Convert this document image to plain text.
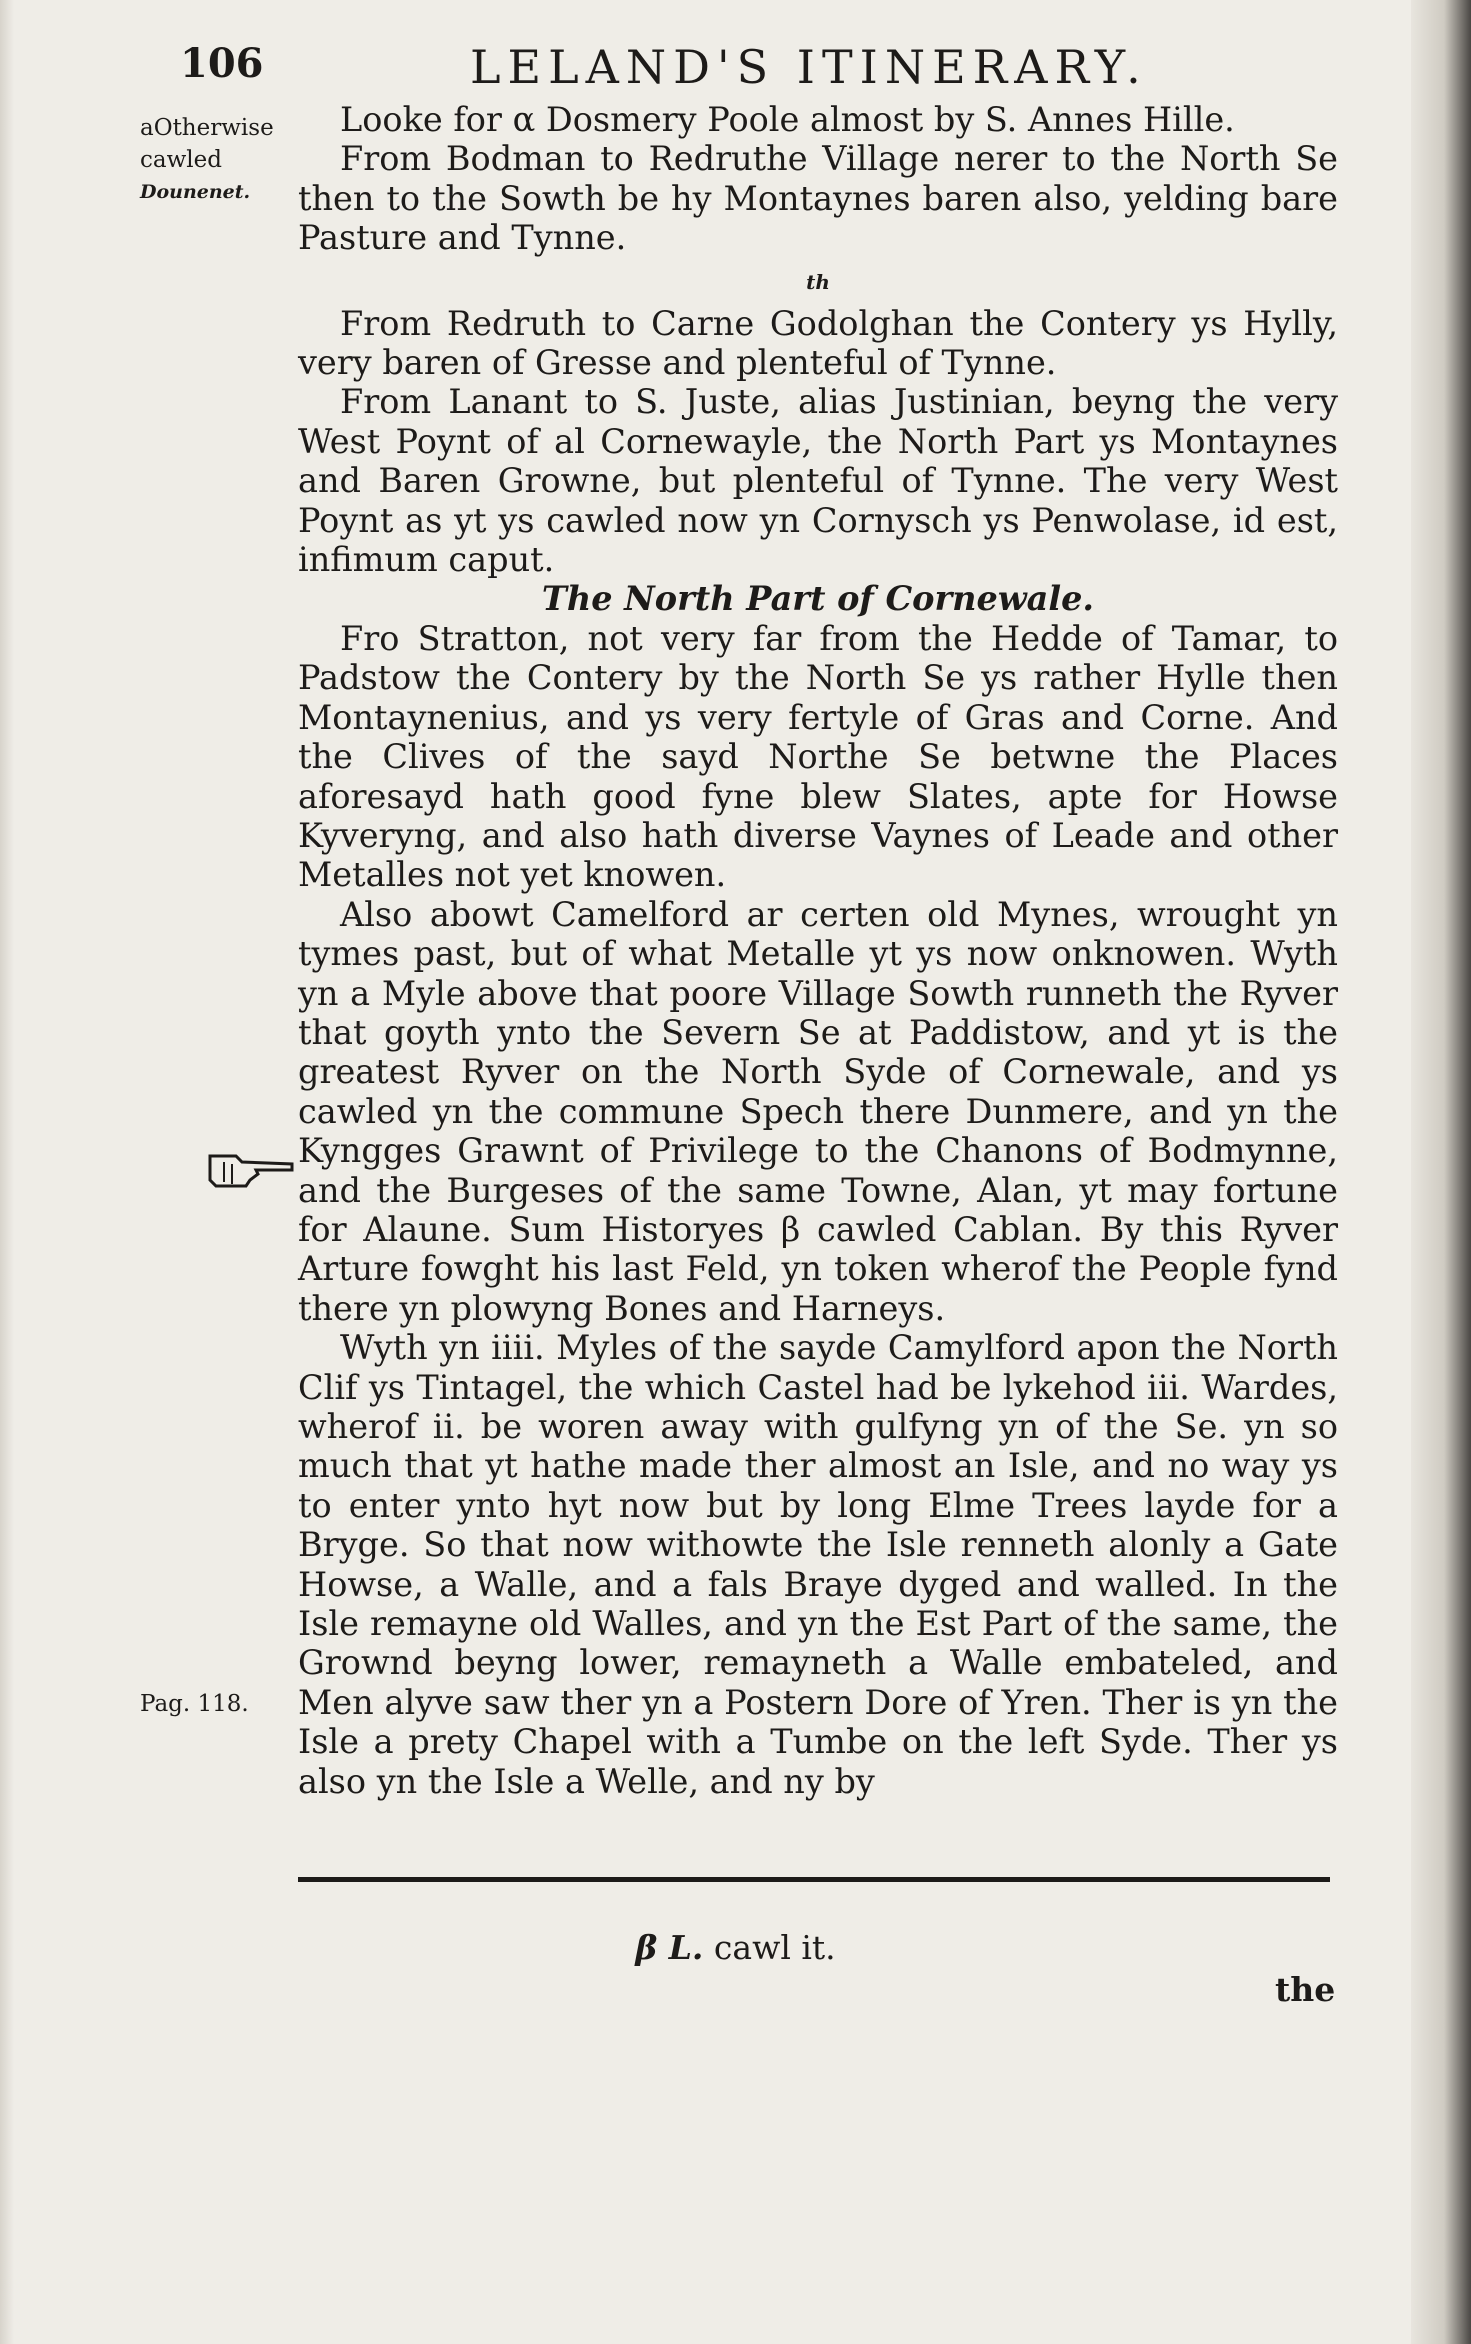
106	LELAND'S ITINERARY.
aOtherwise
cawled
Dounenet.
Pag. 118.

Looke for α Dosmery Poole almost by S. Annes Hille.

From Bodman to Redruthe Village nerer to the North Se then to the Sowth be hy Montaynes baren also, yelding bare Pasture and Tynne.

th

From Redruth to Carne Godolghan the Contery ys Hylly, very baren of Gresse and plenteful of Tynne.

From Lanant to S. Juste, alias Justinian, beyng the very West Poynt of al Cornewayle, the North Part ys Montaynes and Baren Growne, but plenteful of Tynne. The very West Poynt as yt ys cawled now yn Cornysch ys Penwolase, id est, infimum caput.

The North Part of Cornewale.

Fro Stratton, not very far from the Hedde of Tamar, to Padstow the Contery by the North Se ys rather Hylle then Montaynenius, and ys very fertyle of Gras and Corne. And the Clives of the sayd Northe Se betwne the Places aforesayd hath good fyne blew Slates, apte for Howse Kyveryng, and also hath diverse Vaynes of Leade and other Metalles not yet knowen.

Also abowt Camelford ar certen old Mynes, wrought yn tymes past, but of what Metalle yt ys now onknowen. Wyth yn a Myle above that poore Village Sowth runneth the Ryver that goyth ynto the Severn Se at Paddistow, and yt is the greatest Ryver on the North Syde of Cornewale, and ys cawled yn the commune Spech there Dunmere, and yn the Kyngges Grawnt of Privilege to the Chanons of Bodmynne, and the Burgeses of the same Towne, Alan, yt may fortune for Alaune. Sum Historyes β cawled Cablan. By this Ryver Arture fowght his last Feld, yn token wherof the People fynd there yn plowyng Bones and Harneys.

Wyth yn iiii. Myles of the sayde Camylford apon the North Clif ys Tintagel, the which Castel had be lykehod iii. Wardes, wherof ii. be woren away with gulfyng yn of the Se. yn so much that yt hathe made ther almost an Isle, and no way ys to enter ynto hyt now but by long Elme Trees layde for a Bryge. So that now withowte the Isle renneth alonly a Gate Howse, a Walle, and a fals Braye dyged and walled. In the Isle remayne old Walles, and yn the Est Part of the same, the Grownd beyng lower, remayneth a Walle embateled, and Men alyve saw ther yn a Postern Dore of Yren. Ther is yn the Isle a prety Chapel with a Tumbe on the left Syde. Ther ys also yn the Isle a Welle, and ny by

β L. cawl it.
the
